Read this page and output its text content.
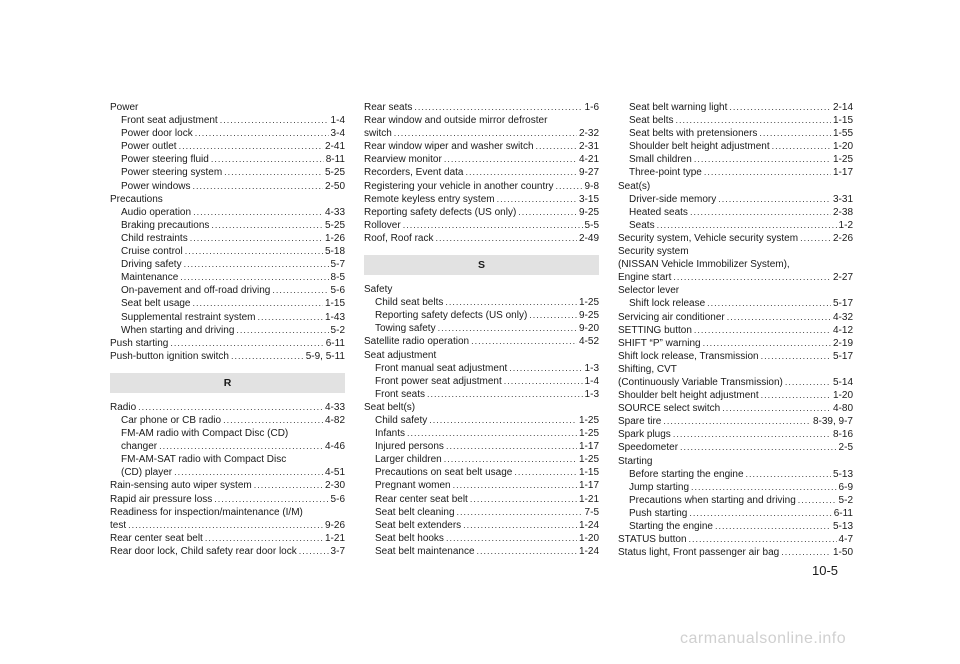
Power
Front seat adjustment .....	1-4
Power door lock .....	3-4
Power outlet .....	2-41
Power steering fluid .....	8-11
Power steering system .....	5-25
Power windows .....	2-50
Precautions
Audio operation .....	4-33
Braking precautions .....	5-25
Child restraints .....	1-26
Cruise control .....	5-18
Driving safety .....	5-7
Maintenance .....	8-5
On-pavement and off-road driving .....	5-6
Seat belt usage .....	1-15
Supplemental restraint system .....	1-43
When starting and driving .....	5-2
Push starting .....	6-11
Push-button ignition switch .....	5-9, 5-11
R
Radio .....	4-33
Car phone or CB radio .....	4-82
FM-AM radio with Compact Disc (CD)
changer .....	4-46
FM-AM-SAT radio with Compact Disc
(CD) player .....	4-51
Rain-sensing auto wiper system .....	2-30
Rapid air pressure loss .....	5-6
Readiness for inspection/maintenance (I/M)
test .....	9-26
Rear center seat belt .....	1-21
Rear door lock, Child safety rear door lock .....	3-7
Rear seats .....	1-6
Rear window and outside mirror defroster
switch .....	2-32
Rear window wiper and washer switch .....	2-31
Rearview monitor .....	4-21
Recorders, Event data .....	9-27
Registering your vehicle in another country .....	9-8
Remote keyless entry system .....	3-15
Reporting safety defects (US only) .....	9-25
Rollover .....	5-5
Roof, Roof rack .....	2-49
S
Safety
Child seat belts .....	1-25
Reporting safety defects (US only) .....	9-25
Towing safety .....	9-20
Satellite radio operation .....	4-52
Seat adjustment
Front manual seat adjustment .....	1-3
Front power seat adjustment .....	1-4
Front seats .....	1-3
Seat belt(s)
Child safety .....	1-25
Infants .....	1-25
Injured persons .....	1-17
Larger children .....	1-25
Precautions on seat belt usage .....	1-15
Pregnant women .....	1-17
Rear center seat belt .....	1-21
Seat belt cleaning .....	7-5
Seat belt extenders .....	1-24
Seat belt hooks .....	1-20
Seat belt maintenance .....	1-24
Seat belt warning light .....	2-14
Seat belts .....	1-15
Seat belts with pretensioners .....	1-55
Shoulder belt height adjustment .....	1-20
Small children .....	1-25
Three-point type .....	1-17
Seat(s)
Driver-side memory .....	3-31
Heated seats .....	2-38
Seats .....	1-2
Security system, Vehicle security system .....	2-26
Security system
(NISSAN Vehicle Immobilizer System),
Engine start .....	2-27
Selector lever
Shift lock release .....	5-17
Servicing air conditioner .....	4-32
SETTING button .....	4-12
SHIFT “P” warning .....	2-19
Shift lock release, Transmission .....	5-17
Shifting, CVT
(Continuously Variable Transmission) .....	5-14
Shoulder belt height adjustment .....	1-20
SOURCE select switch .....	4-80
Spare tire .....	8-39, 9-7
Spark plugs .....	8-16
Speedometer .....	2-5
Starting
Before starting the engine .....	5-13
Jump starting .....	6-9
Precautions when starting and driving .....	5-2
Push starting .....	6-11
Starting the engine .....	5-13
STATUS button .....	4-7
Status light, Front passenger air bag .....	1-50
10-5
carmanualsonline.info
